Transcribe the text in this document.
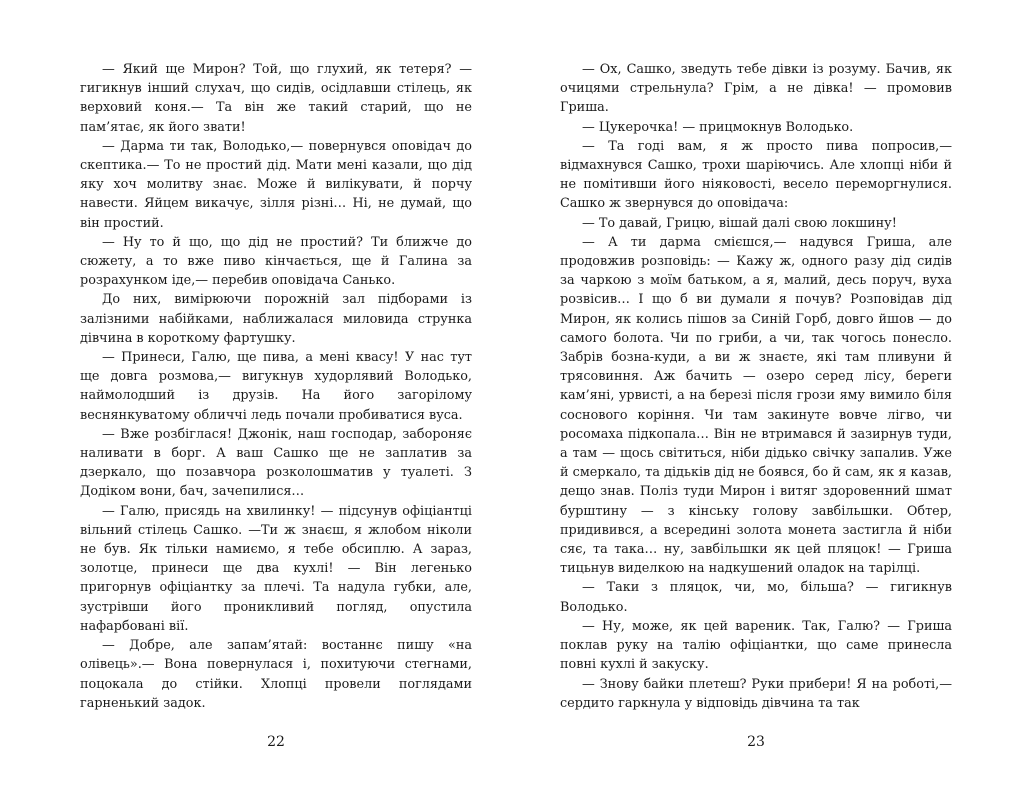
— Який ще Мирон? Той, що глухий, як тетеря? — гигикнув інший слухач, що сидів, осідлавши стілець, як верховий коня.— Та він же такий старий, що не пам’ятає, як його звати!

— Дарма ти так, Володько,— повернувся оповідач до скептика.— То не простий дід. Мати мені казали, що дід яку хоч молитву знає. Може й вилікувати, й порчу навести. Яйцем викачує, зілля різні… Ні, не думай, що він простий.

— Ну то й що, що дід не простий? Ти ближче до сюжету, а то вже пиво кінчається, ще й Галина за розрахунком іде,— перебив оповідача Санько.

До них, вимірюючи порожній зал підборами із залізними набійками, наближалася миловида струнка дівчина в короткому фартушку.

— Принеси, Галю, ще пива, а мені квасу! У нас тут ще довга розмова,— вигукнув худорлявий Володько, наймолодший із друзів. На його загорілому веснянкуватому обличчі ледь почали пробиватися вуса.

— Вже розбіглася! Джонік, наш господар, забороняє наливати в борг. А ваш Сашко ще не заплатив за дзеркало, що позавчора розколошматив у туалеті. З Додіком вони, бач, зачепилися…

— Галю, присядь на хвилинку! — підсунув офіціантці вільний стілець Сашко. —Ти ж знаєш, я жлобом ніколи не був. Як тільки намиємо, я тебе обсиплю. А зараз, золотце, принеси ще два кухлі! — Він легенько пригорнув офіціантку за плечі. Та надула губки, але, зустрівши його проникливий погляд, опустила нафарбовані вії.

— Добре, але запам’ятай: востаннє пишу «на олівець».— Вона повернулася і, похитуючи стегнами, поцокала до стійки. Хлопці провели поглядами гарненький задок.

22

— Ох, Сашко, зведуть тебе дівки із розуму. Бачив, як очицями стрельнула? Грім, а не дівка! — промовив Гриша.

— Цукерочка! — прицмокнув Володько.

— Та годі вам, я ж просто пива попросив,— відмахнувся Сашко, трохи шаріючись. Але хлопці ніби й не помітивши його ніяковості, весело переморгнулися. Сашко ж звернувся до оповідача:

— То давай, Грицю, вішай далі свою локшину!

— А ти дарма смієшся,— надувся Гриша, але продовжив розповідь: — Кажу ж, одного разу дід сидів за чаркою з моїм батьком, а я, малий, десь поруч, вуха розвісив… І що б ви думали я почув? Розповідав дід Мирон, як колись пішов за Синій Горб, довго йшов — до самого болота. Чи по гриби, а чи, так чогось понесло. Забрів бозна-куди, а ви ж знаєте, які там пливуни й трясовиння. Аж бачить — озеро серед лісу, береги кам’яні, урвисті, а на березі після грози яму вимило біля соснового коріння. Чи там закинуте вовче лігво, чи росомаха підкопала… Він не втримався й зазирнув туди, а там — щось світиться, ніби дідько свічку запалив. Уже й смеркало, та дідьків дід не боявся, бо й сам, як я казав, дещо знав. Поліз туди Мирон і витяг здоровенний шмат бурштину — з кінську голову завбільшки. Обтер, придивився, а всередині золота монета застигла й ніби сяє, та така… ну, завбільшки як цей пляцок! — Гриша тицьнув виделкою на надкушений оладок на тарілці.

— Таки з пляцок, чи, мо, більша? — гигикнув Володько.

— Ну, може, як цей вареник. Так, Галю? — Гриша поклав руку на талію офіціантки, що саме принесла повні кухлі й закуску.

— Знову байки плетеш? Руки прибери! Я на роботі,— сердито гаркнула у відповідь дівчина та так

23
